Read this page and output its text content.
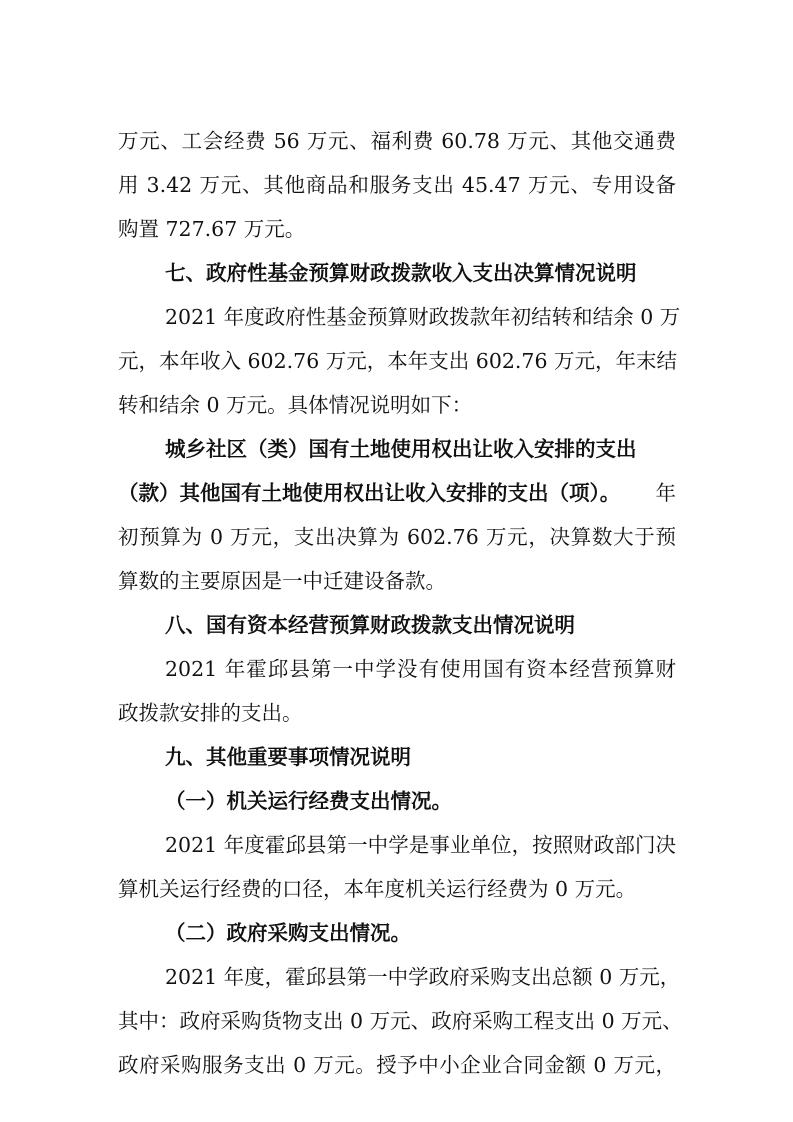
万元、工会经费 56 万元、福利费 60.78 万元、其他交通费
用 3.42 万元、其他商品和服务支出 45.47 万元、专用设备
购置 727.67 万元。
七、政府性基金预算财政拨款收入支出决算情况说明
2021 年度政府性基金预算财政拨款年初结转和结余 0 万
元，本年收入 602.76 万元，本年支出 602.76 万元，年末结
转和结余 0 万元。具体情况说明如下：
城乡社区（类）国有土地使用权出让收入安排的支出
（款）其他国有土地使用权出让收入安排的支出（项）。 年
初预算为 0 万元，支出决算为 602.76 万元，决算数大于预
算数的主要原因是一中迁建设备款。
八、国有资本经营预算财政拨款支出情况说明
2021 年霍邱县第一中学没有使用国有资本经营预算财
政拨款安排的支出。
九、其他重要事项情况说明
（一）机关运行经费支出情况。
2021 年度霍邱县第一中学是事业单位，按照财政部门决
算机关运行经费的口径，本年度机关运行经费为 0 万元。
（二）政府采购支出情况。
2021 年度，霍邱县第一中学政府采购支出总额 0 万元，
其中：政府采购货物支出 0 万元、政府采购工程支出 0 万元、
政府采购服务支出 0 万元。授予中小企业合同金额 0 万元，
